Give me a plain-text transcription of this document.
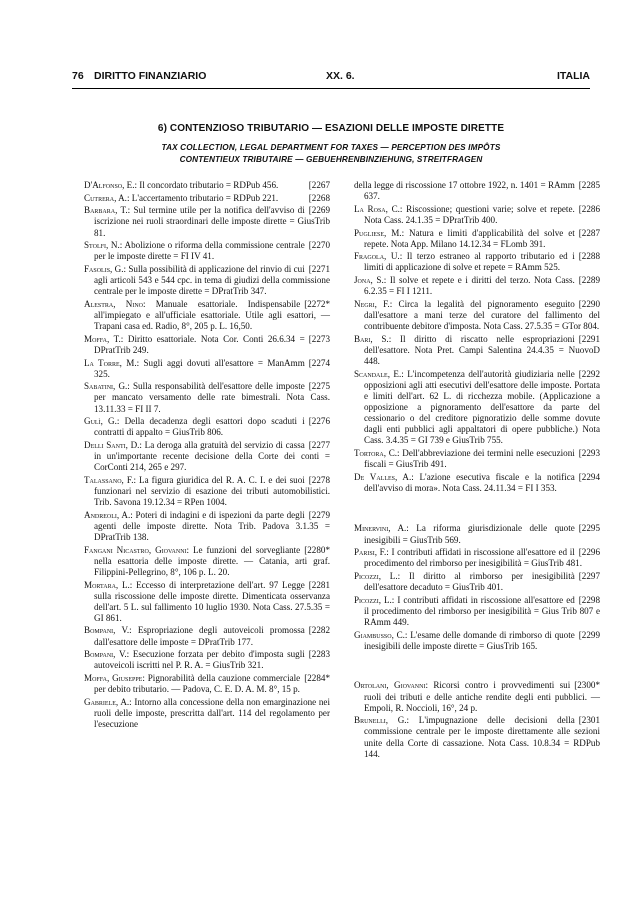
76 DIRITTO FINANZIARIO	XX. 6.	ITALIA
6) CONTENZIOSO TRIBUTARIO — ESAZIONI DELLE IMPOSTE DIRETTE
TAX COLLECTION, LEGAL DEPARTMENT FOR TAXES — PERCEPTION DES IMPÔTS
CONTENTIEUX TRIBUTAIRE — GEBUEHRENBINZIEHUNG, STREITFRAGEN

[2267
D'Alfonso, E.: Il concordato tributario = RDPub 456.

[2268
Cutrera, A.: L'accertamento tributario = RDPub 221.

[2269
Barbara, T.: Sul termine utile per la notifica dell'avviso di iscrizione nei ruoli straordinari delle imposte dirette = GiusTrib 81.

[2270
Stolfi, N.: Abolizione o riforma della commissione centrale per le imposte dirette = FI IV 41.

[2271
Fasolis, G.: Sulla possibilità di applicazione del rinvio di cui agli articoli 543 e 544 cpc. in tema di giudizi della commissione centrale per le imposte dirette = DPratTrib 347.

[2272*
Alestra, Nino: Manuale esattoriale. Indispensabile all'impiegato e all'ufficiale esattoriale. Utile agli esattori, — Trapani casa ed. Radio, 8°, 205 p. L. 16,50.

[2273
Moffa, T.: Diritto esattoriale. Nota Cor. Conti 26.6.34 = DPratTrib 249.

[2274
La Torre, M.: Sugli aggi dovuti all'esattore = ManAmm 325.

[2275
Sabatini, G.: Sulla responsabilità dell'esattore delle imposte per mancato versamento delle rate bimestrali. Nota Cass. 13.11.33 = FI II 7.

[2276
Gulì, G.: Della decadenza degli esattori dopo scaduti i contratti di appalto = GiusTrib 806.

[2277
Delli Santi, D.: La deroga alla gratuità del servizio di cassa in un'importante recente decisione della Corte dei conti = CorConti 214, 265 e 297.

[2278
Talassano, F.: La figura giuridica del R. A. C. I. e dei suoi funzionari nel servizio di esazione dei tributi automobilistici. Trib. Savona 19.12.34 = RPen 1004.

[2279
Andreoli, A.: Poteri di indagini e di ispezioni da parte degli agenti delle imposte dirette. Nota Trib. Padova 3.1.35 = DPratTrib 138.

[2280*
Fangani Nicastro, Giovanni: Le funzioni del sorvegliante nella esattoria delle imposte dirette. — Catania, arti graf. Filippini-Pellegrino, 8°, 106 p. L. 20.

[2281
Mortara, L.: Eccesso di interpretazione dell'art. 97 Legge sulla riscossione delle imposte dirette. Dimenticata osservanza dell'art. 5 L. sul fallimento 10 luglio 1930. Nota Cass. 27.5.35 = GI 861.

[2282
Bompani, V.: Espropriazione degli autoveicoli promossa dall'esattore delle imposte = DPratTrib 177.

[2283
Bompani, V.: Esecuzione forzata per debito d'imposta sugli autoveicoli iscritti nel P. R. A. = GiusTrib 321.

[2284*
Moffa, Giuseppe: Pignorabilità della cauzione commerciale per debito tributario. — Padova, C. E. D. A. M. 8°, 15 p.

Gabriele, A.: Intorno alla concessione della non emarginazione nei ruoli delle imposte, prescritta dall'art. 114 del regolamento per l'esecuzione

[2285
della legge di riscossione 17 ottobre 1922, n. 1401 = RAmm 637.

[2286
La Rosa, C.: Riscossione; questioni varie; solve et repete. Nota Cass. 24.1.35 = DPratTrib 400.

[2287
Pugliese, M.: Natura e limiti d'applicabilità del solve et repete. Nota App. Milano 14.12.34 = FLomb 391.

[2288
Fragola, U.: Il terzo estraneo al rapporto tributario ed i limiti di applicazione di solve et repete = RAmm 525.

[2289
Jona, S.: Il solve et repete e i diritti del terzo. Nota Cass. 6.2.35 = FI I 1211.

[2290
Negri, F.: Circa la legalità del pignoramento eseguito dall'esattore a mani terze del curatore del fallimento del contribuente debitore d'imposta. Nota Cass. 27.5.35 = GTor 804.

[2291
Bari, S.: Il diritto di riscatto nelle espropriazioni dell'esattore. Nota Pret. Campi Salentina 24.4.35 = NuovoD 448.

[2292
Scandale, E.: L'incompetenza dell'autorità giudiziaria nelle opposizioni agli atti esecutivi dell'esattore delle imposte. Portata e limiti dell'art. 62 L. di ricchezza mobile. (Applicazione a opposizione a pignoramento dell'esattore da parte del cessionario o del creditore pignoratizio delle somme dovute dagli enti pubblici agli appaltatori di opere pubbliche.) Nota Cass. 3.4.35 = GI 739 e GiusTrib 755.

[2293
Tortora, C.: Dell'abbreviazione dei termini nelle esecuzioni fiscali = GiusTrib 491.

[2294
De Valles, A.: L'azione esecutiva fiscale e la notifica dell'avviso di mora». Nota Cass. 24.11.34 = FI I 353.

[2295
Minervini, A.: La riforma giurisdizionale delle quote inesigibili = GiusTrib 569.

[2296
Parisi, F.: I contributi affidati in riscossione all'esattore ed il procedimento del rimborso per inesigibilità = GiusTrib 481.

[2297
Picozzi, L.: Il diritto al rimborso per inesigibilità dell'esattore decaduto = GiusTrib 401.

[2298
Picozzi, L.: I contributi affidati in riscossione all'esattore ed il procedimento del rimborso per inesigibilità = Gius Trib 807 e RAmm 449.

[2299
Giambusso, C.: L'esame delle domande di rimborso di quote inesigibili delle imposte dirette = GiusTrib 165.

[2300*
Ortolani, Giovanni: Ricorsi contro i provvedimenti sui ruoli dei tributi e delle antiche rendite degli enti pubblici. — Empoli, R. Noccioli, 16°, 24 p.

[2301
Brunelli, G.: L'impugnazione delle decisioni della commissione centrale per le imposte direttamente alle sezioni unite della Corte di cassazione. Nota Cass. 10.8.34 = RDPub 144.
